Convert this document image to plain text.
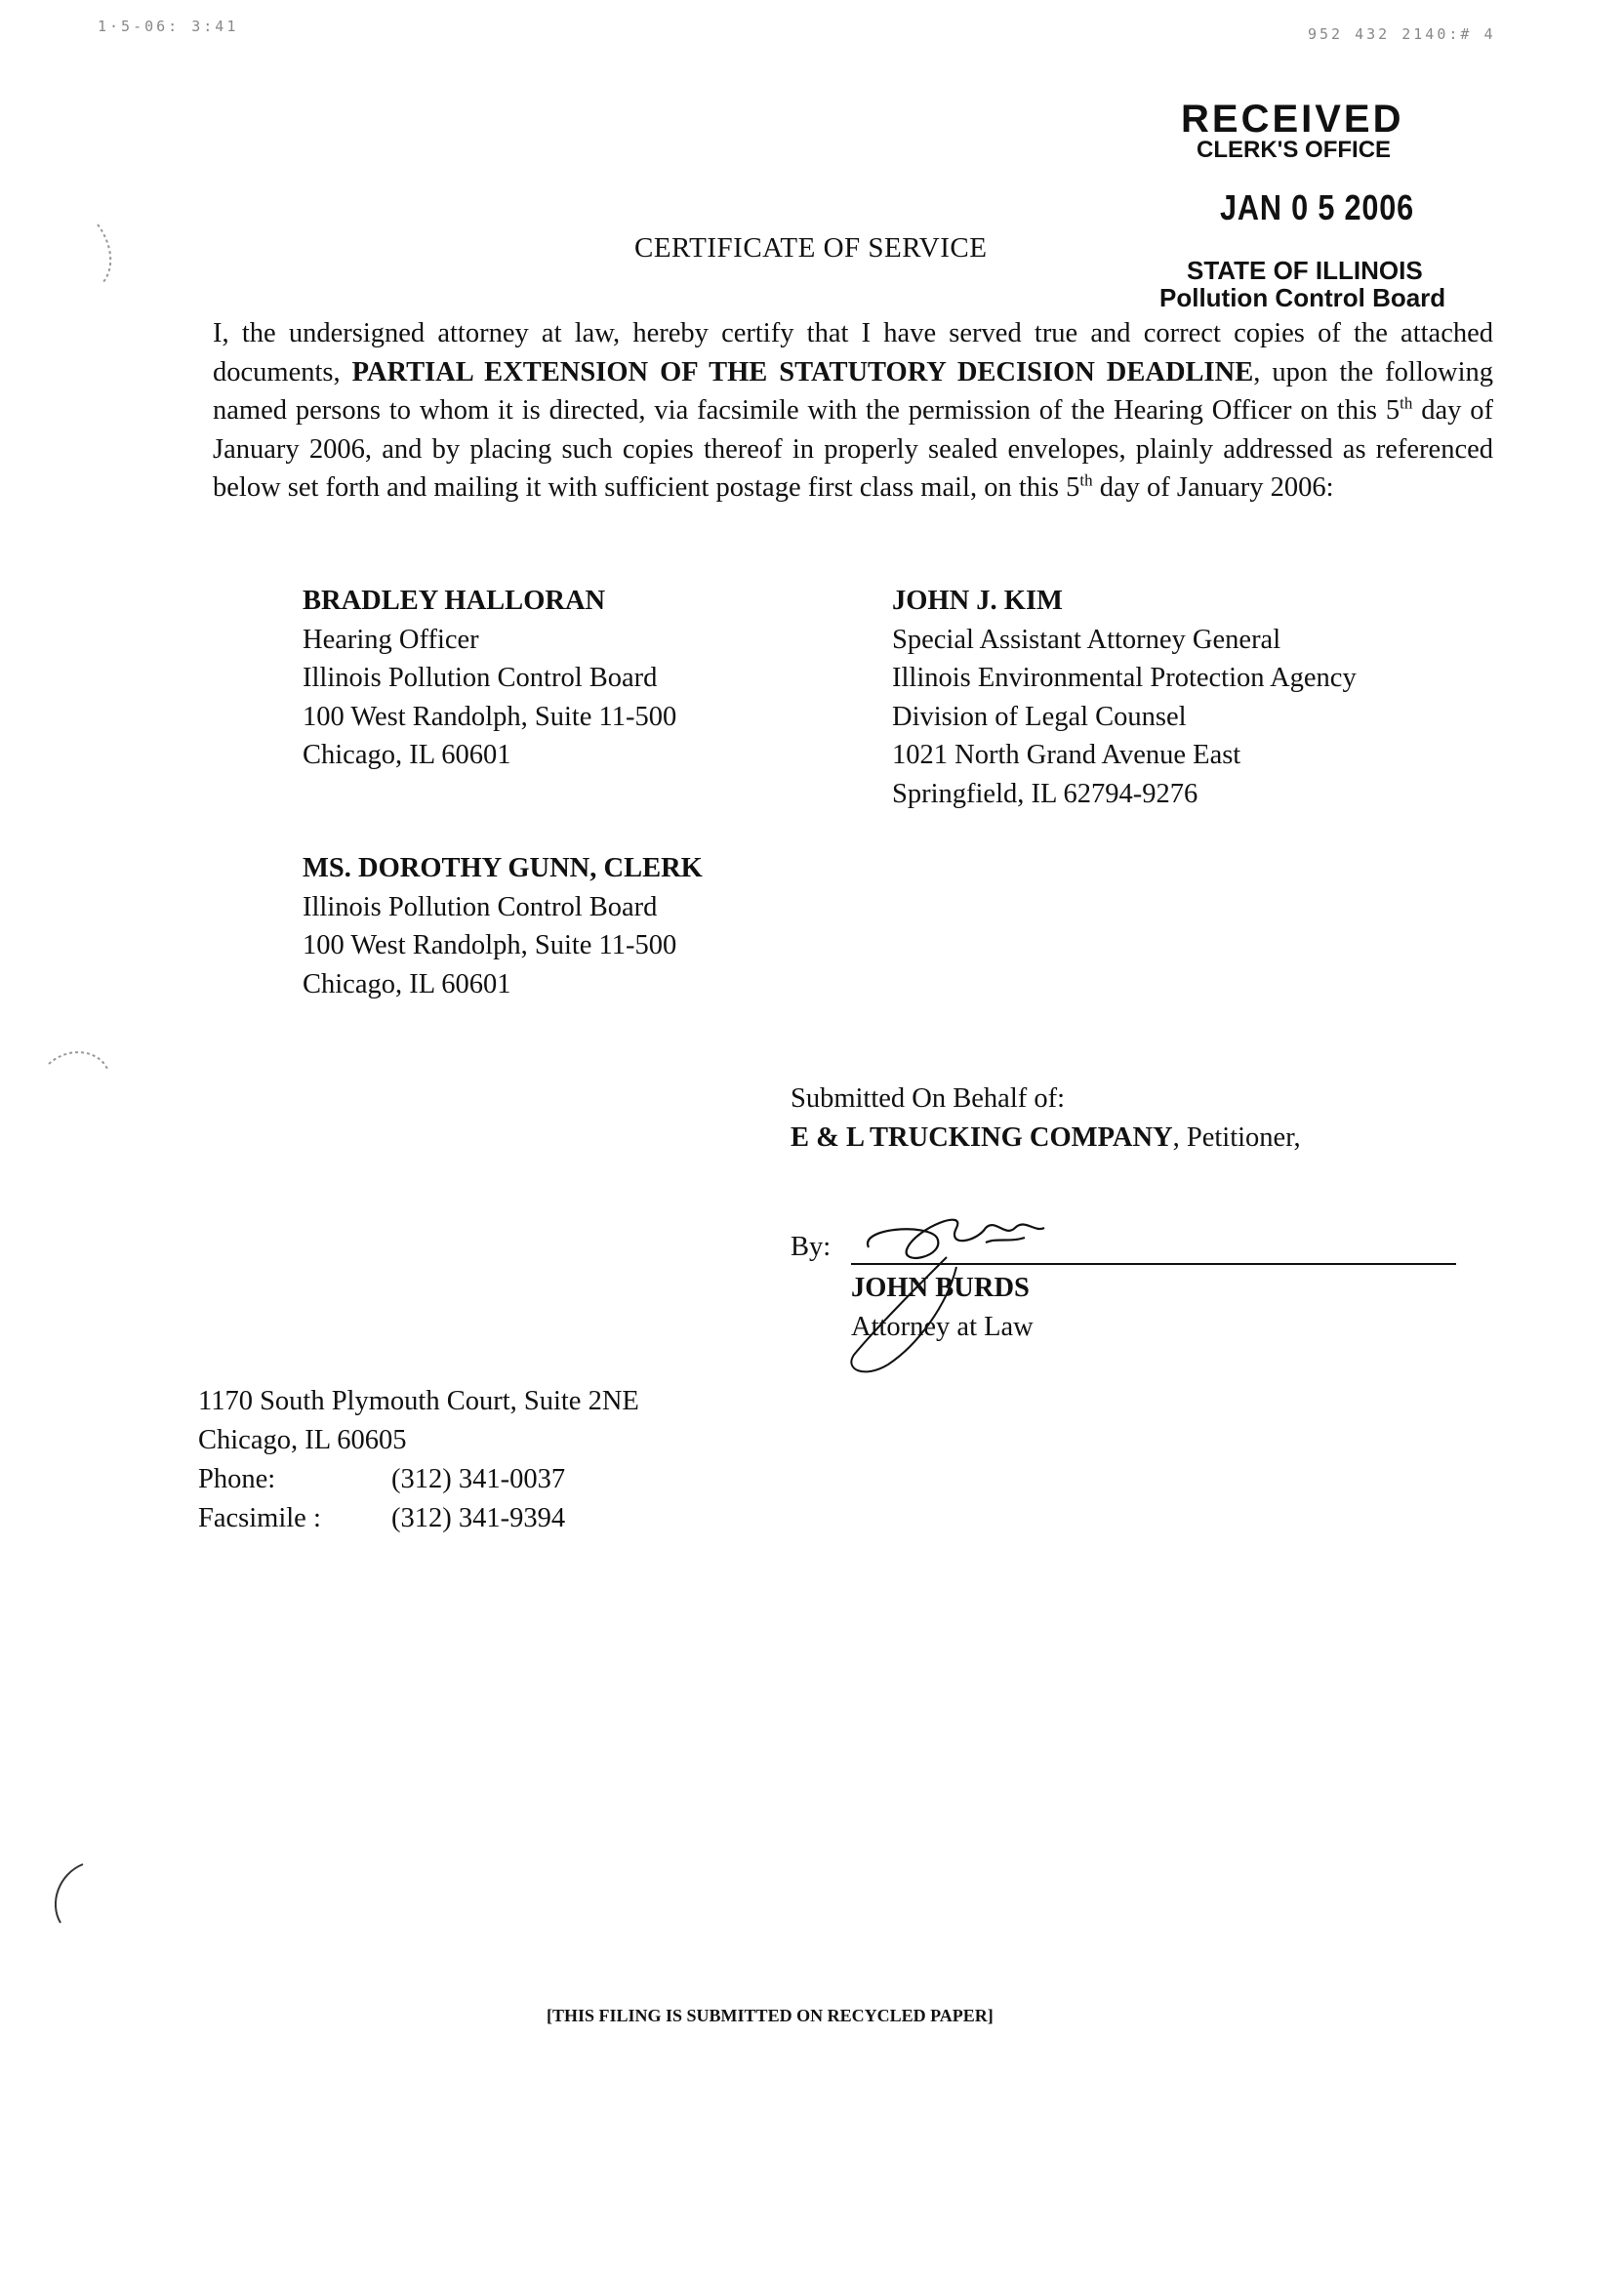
1·5-06: 3:41	952 432 2140:# 4
RECEIVED
CLERK'S OFFICE
JAN 0 5 2006
STATE OF ILLINOIS
Pollution Control Board
CERTIFICATE OF SERVICE
I, the undersigned attorney at law, hereby certify that I have served true and correct copies of the attached documents, PARTIAL EXTENSION OF THE STATUTORY DECISION DEADLINE, upon the following named persons to whom it is directed, via facsimile with the permission of the Hearing Officer on this 5th day of January 2006, and by placing such copies thereof in properly sealed envelopes, plainly addressed as referenced below set forth and mailing it with sufficient postage first class mail, on this 5th day of January 2006:
BRADLEY HALLORAN
Hearing Officer
Illinois Pollution Control Board
100 West Randolph, Suite 11-500
Chicago, IL 60601
JOHN J. KIM
Special Assistant Attorney General
Illinois Environmental Protection Agency
Division of Legal Counsel
1021 North Grand Avenue East
Springfield, IL 62794-9276
MS. DOROTHY GUNN, CLERK
Illinois Pollution Control Board
100 West Randolph, Suite 11-500
Chicago, IL 60601
Submitted On Behalf of:
E & L TRUCKING COMPANY, Petitioner,
By:
JOHN BURDS
Attorney at Law
1170 South Plymouth Court, Suite 2NE
Chicago, IL 60605
Phone:	(312) 341-0037
Facsimile :	(312) 341-9394
[THIS FILING IS SUBMITTED ON RECYCLED PAPER]
